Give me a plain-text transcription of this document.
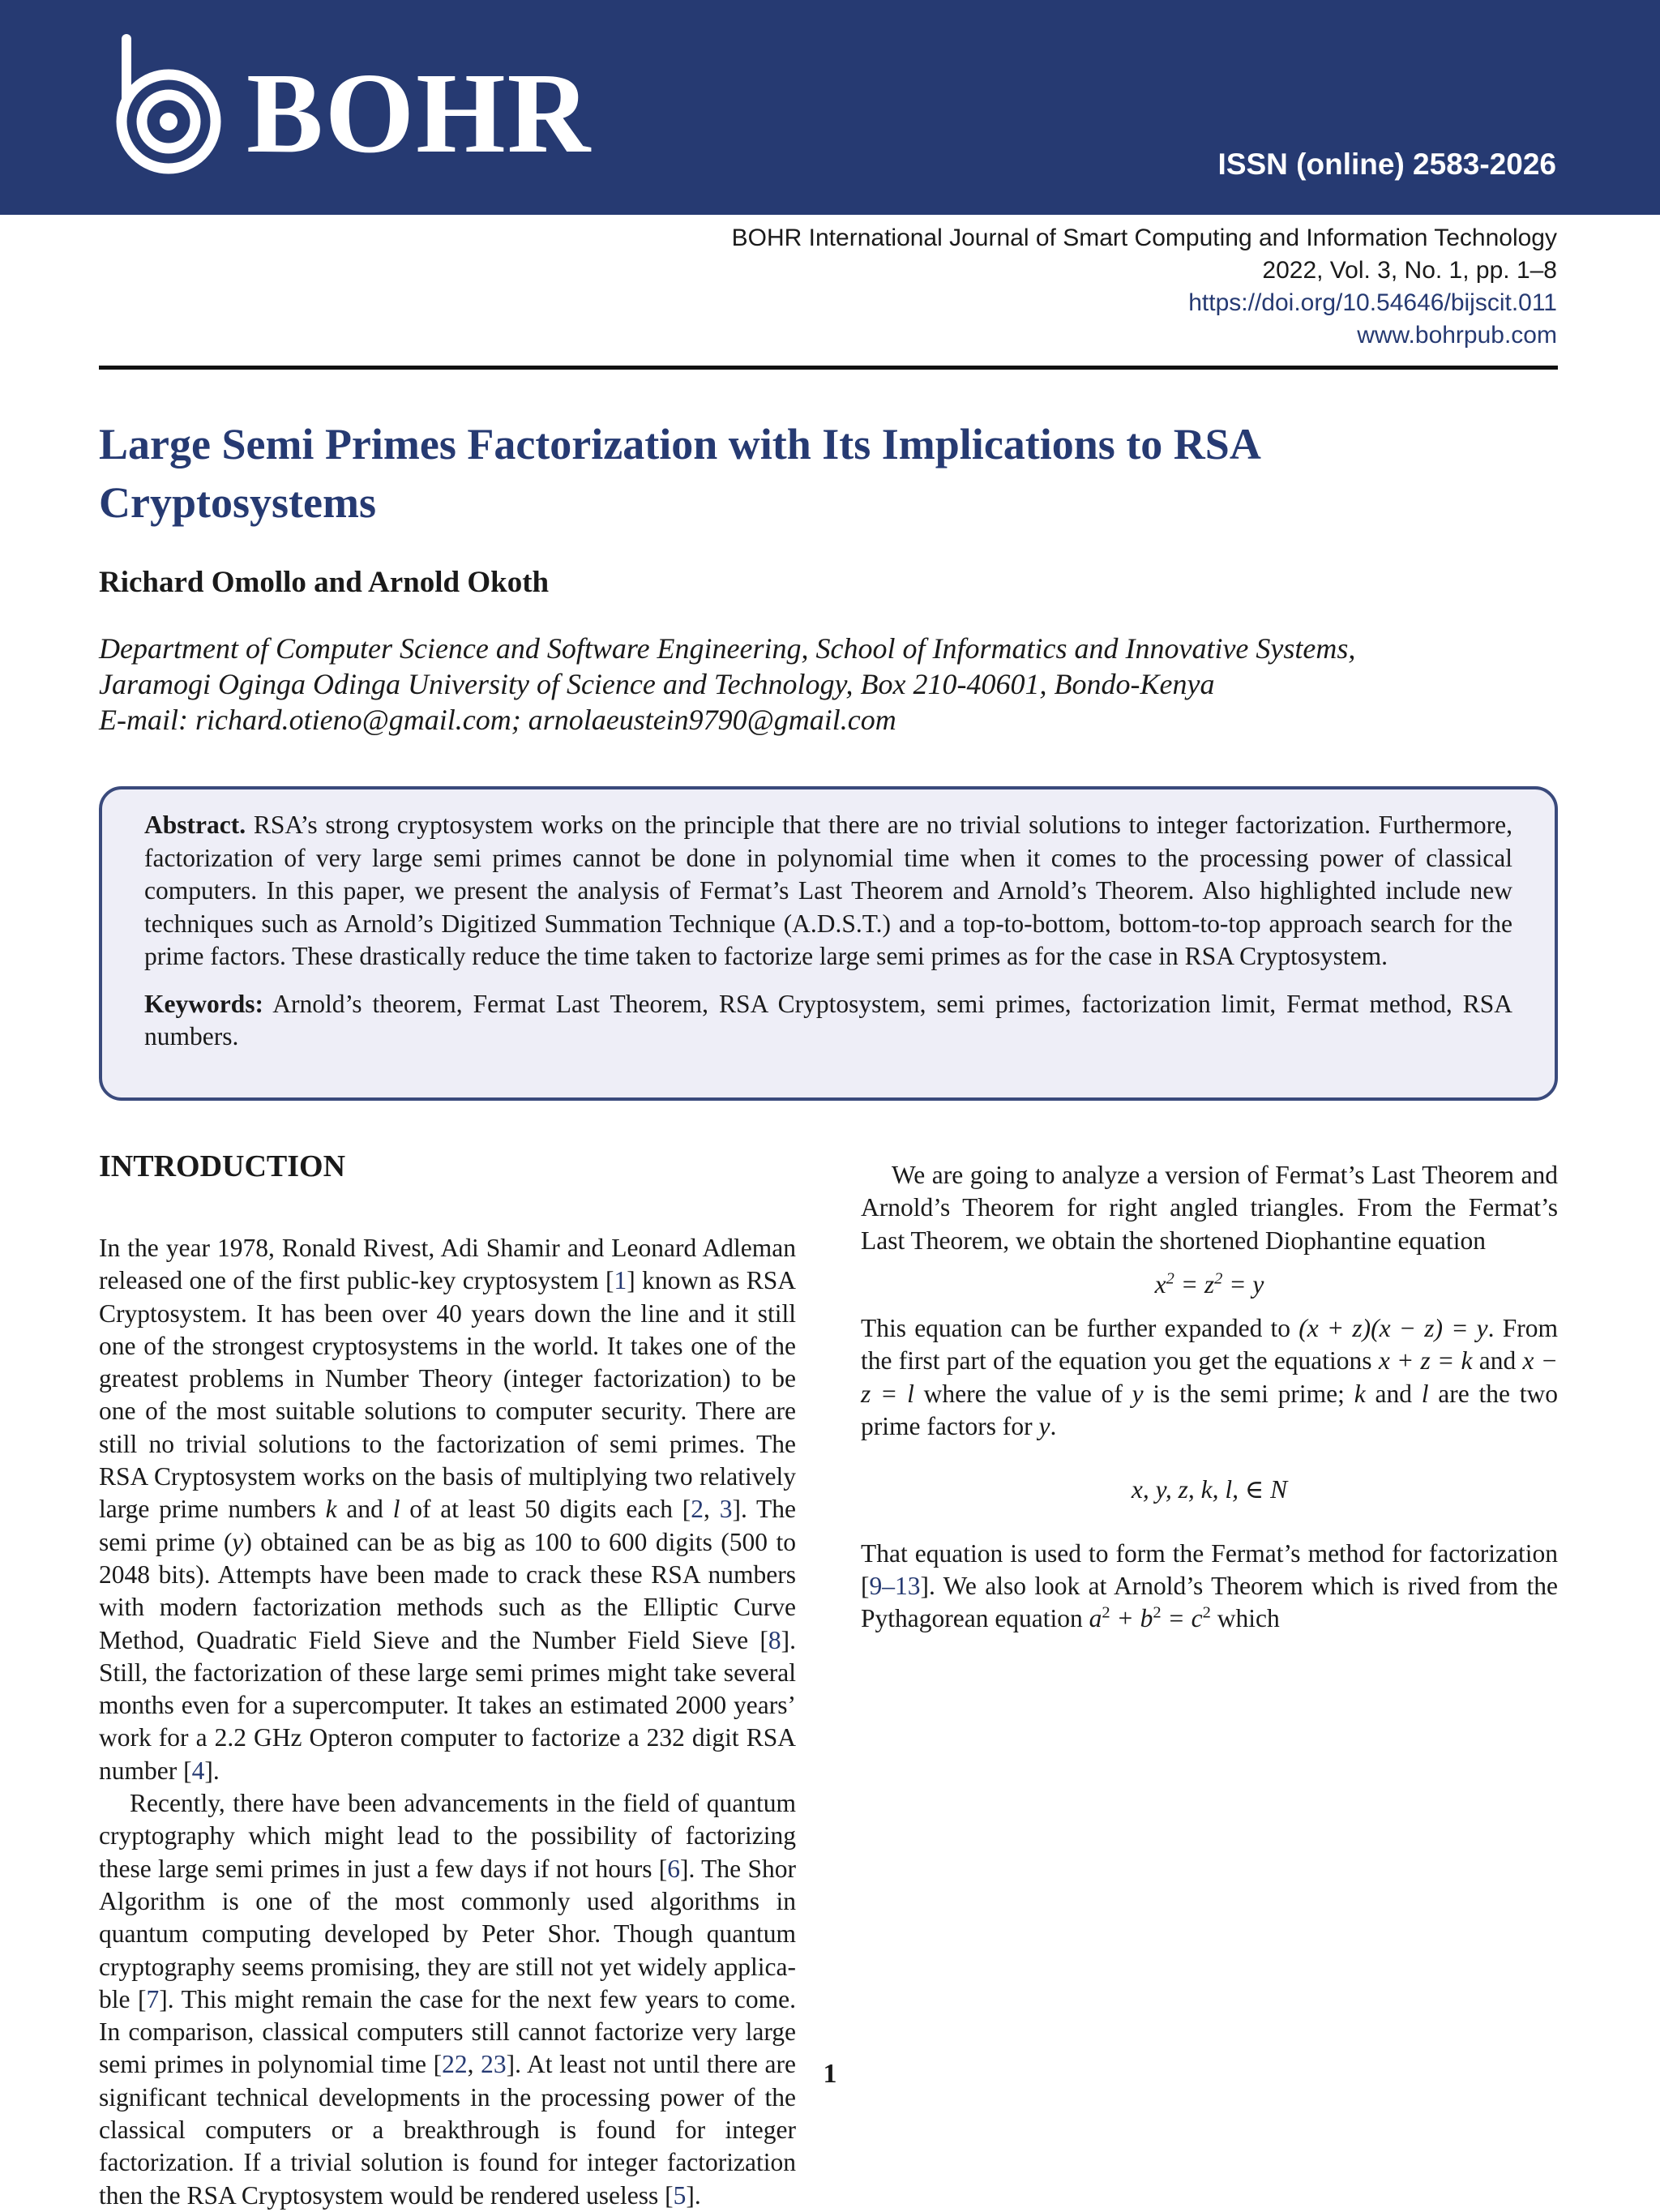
BOHR	ISSN (online) 2583-2026
BOHR International Journal of Smart Computing and Information Technology
2022, Vol. 3, No. 1, pp. 1–8
https://doi.org/10.54646/bijscit.011
www.bohrpub.com
Large Semi Primes Factorization with Its Implications to RSA
Cryptosystems
Richard Omollo and Arnold Okoth
Department of Computer Science and Software Engineering, School of Informatics and Innovative Systems,
Jaramogi Oginga Odinga University of Science and Technology, Box 210-40601, Bondo-Kenya
E-mail: richard.otieno@gmail.com; arnolaeustein9790@gmail.com

Abstract. RSA’s strong cryptosystem works on the principle that there are no trivial solutions to integer factorization. Furthermore, factorization of very large semi primes cannot be done in polynomial time when it comes to the processing power of classical computers. In this paper, we present the analysis of Fermat’s Last Theorem and Arnold’s Theorem. Also highlighted include new techniques such as Arnold’s Digitized Summation Technique (A.D.S.T.) and a top-to-bottom, bottom-to-top approach search for the prime factors. These drastically reduce the time taken to factorize large semi primes as for the case in RSA Cryptosystem.

Keywords: Arnold’s theorem, Fermat Last Theorem, RSA Cryptosystem, semi primes, factorization limit, Fermat method, RSA numbers.

INTRODUCTION

In the year 1978, Ronald Rivest, Adi Shamir and Leonard Adleman released one of the first public-key cryptosystem [1] known as RSA Cryptosystem. It has been over 40 years down the line and it still one of the strongest cryptosystems in the world. It takes one of the greatest problems in Number Theory (integer factorization) to be one of the most suitable solutions to computer security. There are still no trivial solutions to the factorization of semi primes. The RSA Cryptosystem works on the basis of multiplying two relatively large prime numbers k and l of at least 50 digits each [2, 3]. The semi prime (y) obtained can be as big as 100 to 600 digits (500 to 2048 bits). Attempts have been made to crack these RSA numbers with modern factorization methods such as the Elliptic Curve Method, Quadratic Field Sieve and the Number Field Sieve [8]. Still, the factorization of these large semi primes might take several months even for a supercomputer. It takes an estimated 2000 years’ work for a 2.2 GHz Opteron computer to factorize a 232 digit RSA number [4].

Recently, there have been advancements in the field of quantum cryptography which might lead to the possibility of factorizing these large semi primes in just a few days if not hours [6]. The Shor Algorithm is one of the most commonly used algorithms in quantum computing developed by Peter Shor. Though quantum cryptography seems promising, they are still not yet widely applicable [7]. This might remain the case for the next few years to come. In comparison, classical computers still cannot factorize very large semi primes in polynomial time [22, 23]. At least not until there are significant technical developments in the processing power of the classical computers or a breakthrough is found for integer factorization. If a trivial solution is found for integer factorization then the RSA Cryptosystem would be rendered useless [5].

We are going to analyze a version of Fermat’s Last Theorem and Arnold’s Theorem for right angled triangles. From the Fermat’s Last Theorem, we obtain the shortened Diophantine equation

$x^2 = z^2 = y$

This equation can be further expanded to (x + z)(x − z) = y. From the first part of the equation you get the equations x + z = k and x − z = l where the value of y is the semi prime; k and l are the two prime factors for y.

x, y, z, k, l, ∈ N

That equation is used to form the Fermat’s method for factorization [9–13]. We also look at Arnold’s Theorem which is rived from the Pythagorean equation $a^2 + b^2 = c^2$ which

1
